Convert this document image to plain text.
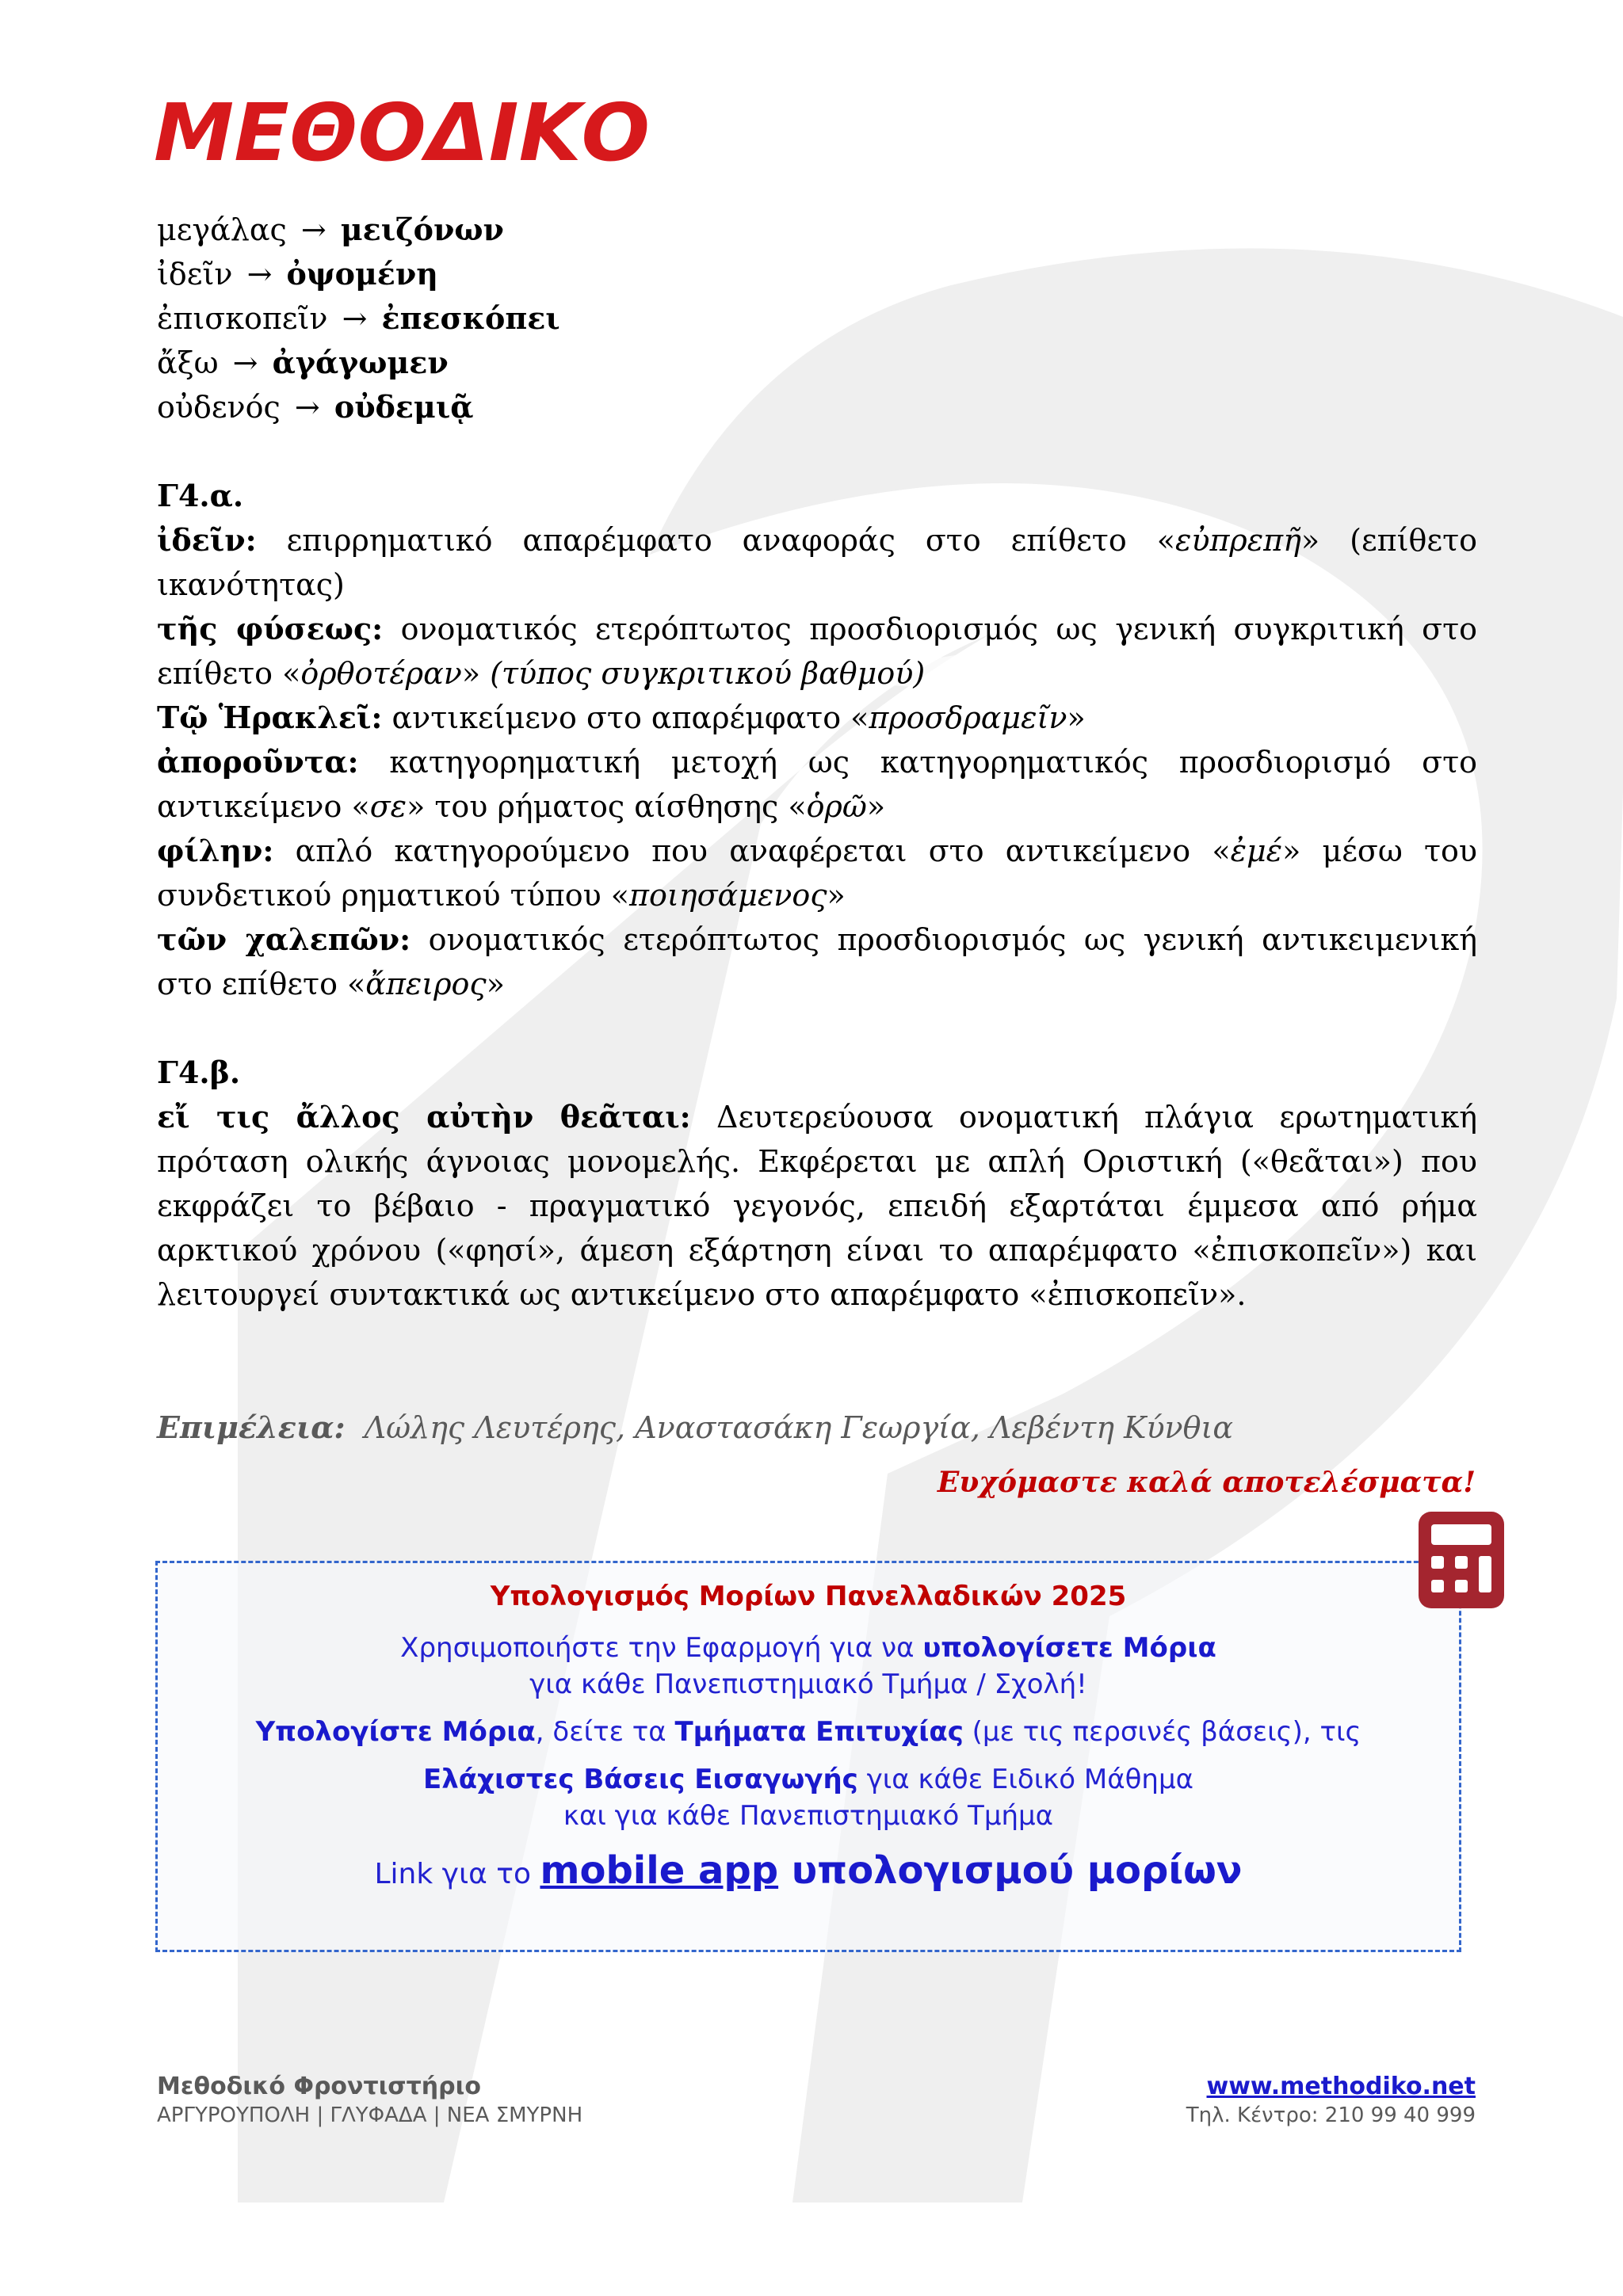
ΜΕΘΟΔΙΚΟ
μεγάλας → μειζόνων
ἰδεῖν → ὀψομένη
ἐπισκοπεῖν → ἐπεσκόπει
ἄξω → ἀγάγωμεν
οὐδενός → οὐδεμιᾷ

Γ4.α.

ἰδεῖν: επιρρηματικό απαρέμφατο αναφοράς στο επίθετο «εὐπρεπῆ» (επίθετο ικανότητας)

τῆς φύσεως: ονοματικός ετερόπτωτος προσδιορισμός ως γενική συγκριτική στο επίθετο «ὀρθοτέραν» (τύπος συγκριτικού βαθμού)

Τῷ Ἡρακλεῖ: αντικείμενο στο απαρέμφατο «προσδραμεῖν»

ἀποροῦντα: κατηγορηματική μετοχή ως κατηγορηματικός προσδιορισμό στο αντικείμενο «σε» του ρήματος αίσθησης «ὁρῶ»

φίλην: απλό κατηγορούμενο που αναφέρεται στο αντικείμενο «ἐμέ» μέσω του συνδετικού ρηματικού τύπου «ποιησάμενος»

τῶν χαλεπῶν: ονοματικός ετερόπτωτος προσδιορισμός ως γενική αντικειμενική στο επίθετο «ἄπειρος»

Γ4.β.

εἴ τις ἄλλος αὐτὴν θεᾶται: Δευτερεύουσα ονοματική πλάγια ερωτηματική πρόταση ολικής άγνοιας μονομελής. Εκφέρεται με απλή Οριστική («θεᾶται») που εκφράζει το βέβαιο - πραγματικό γεγονός, επειδή εξαρτάται έμμεσα από ρήμα αρκτικού χρόνου («φησί», άμεση εξάρτηση είναι το απαρέμφατο «ἐπισκοπεῖν») και λειτουργεί συντακτικά ως αντικείμενο στο απαρέμφατο «ἐπισκοπεῖν».

Επιμέλεια: Λώλης Λευτέρης, Αναστασάκη Γεωργία, Λεβέντη Κύνθια

Ευχόμαστε καλά αποτελέσματα!
Υπολογισμός Μορίων Πανελλαδικών 2025
Χρησιμοποιήστε την Εφαρμογή για να υπολογίσετε Μόρια
για κάθε Πανεπιστημιακό Τμήμα / Σχολή!
Υπολογίστε Μόρια, δείτε τα Τμήματα Επιτυχίας (με τις περσινές βάσεις), τις
Ελάχιστες Βάσεις Εισαγωγής για κάθε Ειδικό Μάθημα
και για κάθε Πανεπιστημιακό Τμήμα
Link για το mobile app υπολογισμού μορίων
Μεθοδικό Φροντιστήριο
ΑΡΓΥΡΟΥΠΟΛΗ | ΓΛΥΦΑΔΑ | ΝΕΑ ΣΜΥΡΝΗ
www.methodiko.net
Τηλ. Κέντρο: 210 99 40 999
